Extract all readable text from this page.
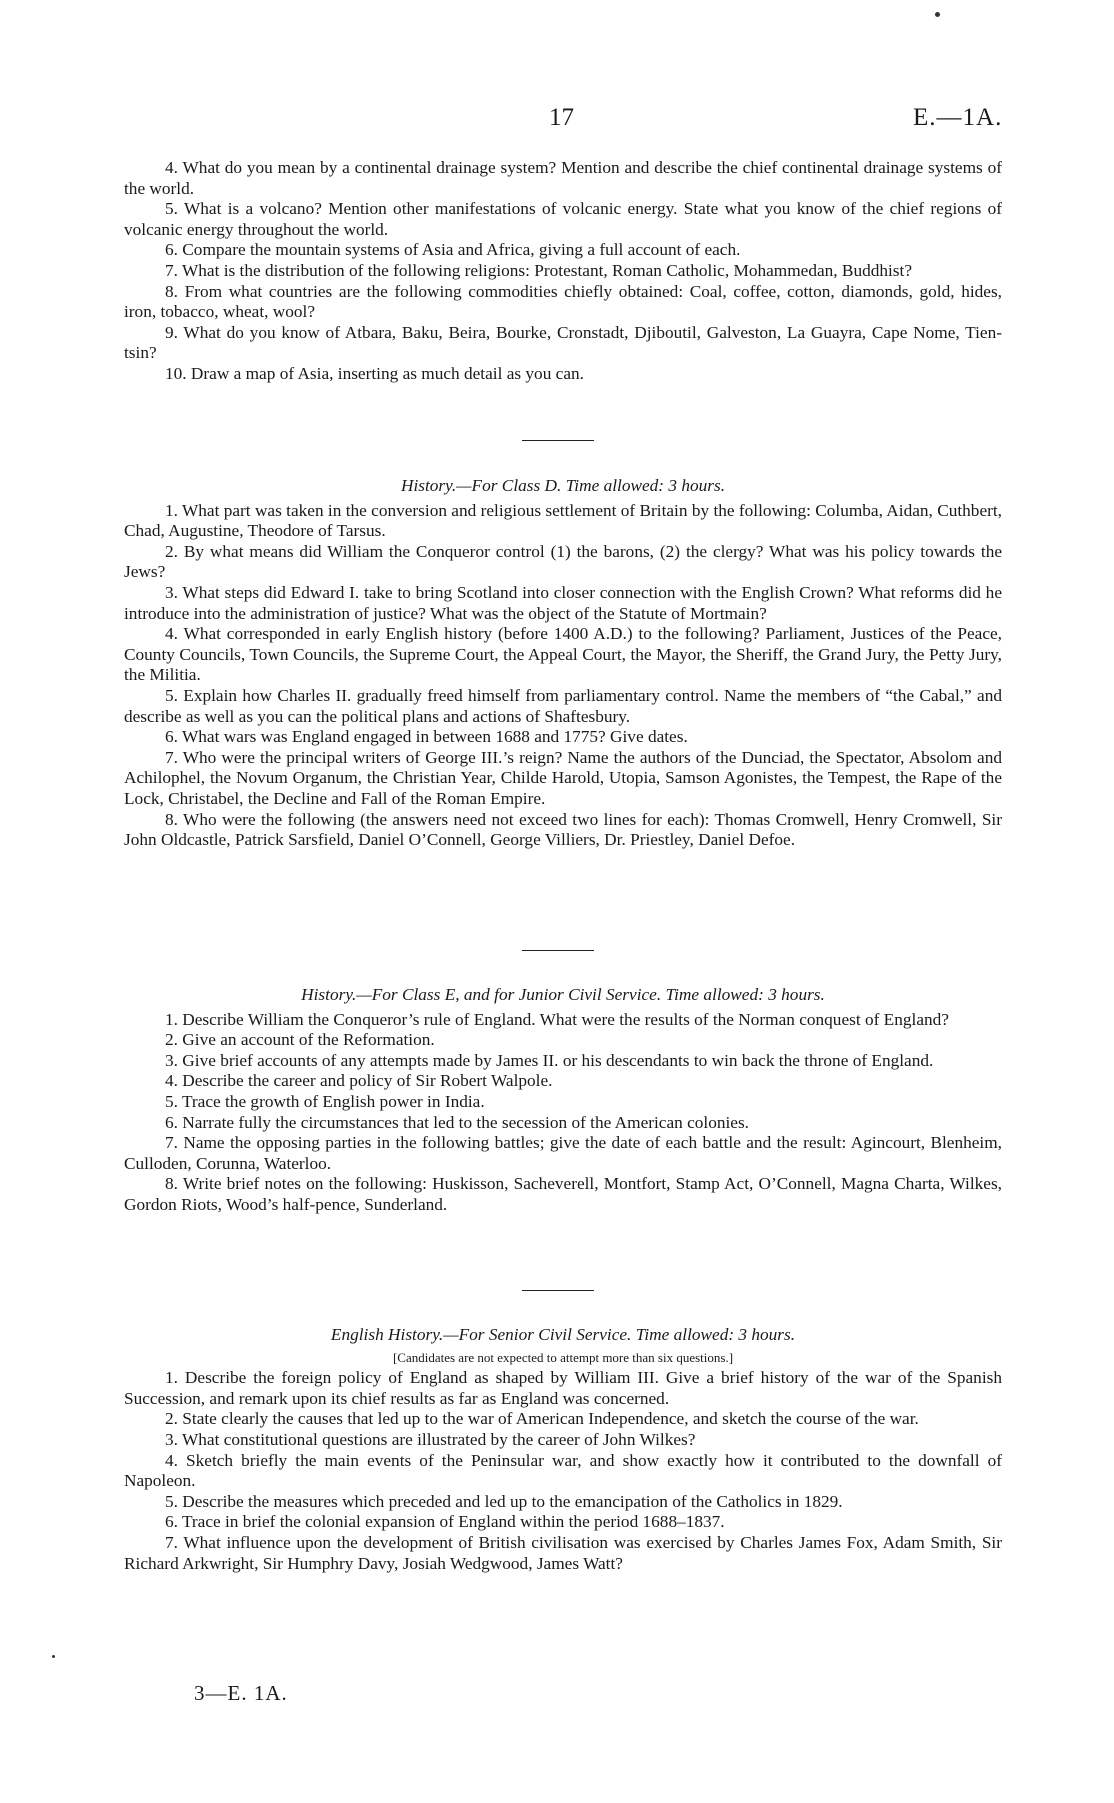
17	E.—1A.

4. What do you mean by a continental drainage system? Mention and describe the chief continental drainage systems of the world.

5. What is a volcano? Mention other manifestations of volcanic energy. State what you know of the chief regions of volcanic energy throughout the world.

6. Compare the mountain systems of Asia and Africa, giving a full account of each.

7. What is the distribution of the following religions: Protestant, Roman Catholic, Mohammedan, Buddhist?

8. From what countries are the following commodities chiefly obtained: Coal, coffee, cotton, diamonds, gold, hides, iron, tobacco, wheat, wool?

9. What do you know of Atbara, Baku, Beira, Bourke, Cronstadt, Djiboutil, Galveston, La Guayra, Cape Nome, Tien-tsin?

10. Draw a map of Asia, inserting as much detail as you can.

History.—For Class D. Time allowed: 3 hours.

1. What part was taken in the conversion and religious settlement of Britain by the following: Columba, Aidan, Cuthbert, Chad, Augustine, Theodore of Tarsus.

2. By what means did William the Conqueror control (1) the barons, (2) the clergy? What was his policy towards the Jews?

3. What steps did Edward I. take to bring Scotland into closer connection with the English Crown? What reforms did he introduce into the administration of justice? What was the object of the Statute of Mortmain?

4. What corresponded in early English history (before 1400 A.D.) to the following? Parliament, Justices of the Peace, County Councils, Town Councils, the Supreme Court, the Appeal Court, the Mayor, the Sheriff, the Grand Jury, the Petty Jury, the Militia.

5. Explain how Charles II. gradually freed himself from parliamentary control. Name the members of “the Cabal,” and describe as well as you can the political plans and actions of Shaftesbury.

6. What wars was England engaged in between 1688 and 1775? Give dates.

7. Who were the principal writers of George III.’s reign? Name the authors of the Dunciad, the Spectator, Absolom and Achilophel, the Novum Organum, the Christian Year, Childe Harold, Utopia, Samson Agonistes, the Tempest, the Rape of the Lock, Christabel, the Decline and Fall of the Roman Empire.

8. Who were the following (the answers need not exceed two lines for each): Thomas Cromwell, Henry Cromwell, Sir John Oldcastle, Patrick Sarsfield, Daniel O’Connell, George Villiers, Dr. Priestley, Daniel Defoe.

History.—For Class E, and for Junior Civil Service. Time allowed: 3 hours.

1. Describe William the Conqueror’s rule of England. What were the results of the Norman conquest of England?

2. Give an account of the Reformation.

3. Give brief accounts of any attempts made by James II. or his descendants to win back the throne of England.

4. Describe the career and policy of Sir Robert Walpole.

5. Trace the growth of English power in India.

6. Narrate fully the circumstances that led to the secession of the American colonies.

7. Name the opposing parties in the following battles; give the date of each battle and the result: Agincourt, Blenheim, Culloden, Corunna, Waterloo.

8. Write brief notes on the following: Huskisson, Sacheverell, Montfort, Stamp Act, O’Connell, Magna Charta, Wilkes, Gordon Riots, Wood’s half-pence, Sunderland.

English History.—For Senior Civil Service. Time allowed: 3 hours.

[Candidates are not expected to attempt more than six questions.]

1. Describe the foreign policy of England as shaped by William III. Give a brief history of the war of the Spanish Succession, and remark upon its chief results as far as England was concerned.

2. State clearly the causes that led up to the war of American Independence, and sketch the course of the war.

3. What constitutional questions are illustrated by the career of John Wilkes?

4. Sketch briefly the main events of the Peninsular war, and show exactly how it contributed to the downfall of Napoleon.

5. Describe the measures which preceded and led up to the emancipation of the Catholics in 1829.

6. Trace in brief the colonial expansion of England within the period 1688–1837.

7. What influence upon the development of British civilisation was exercised by Charles James Fox, Adam Smith, Sir Richard Arkwright, Sir Humphry Davy, Josiah Wedgwood, James Watt?

3—E. 1A.
